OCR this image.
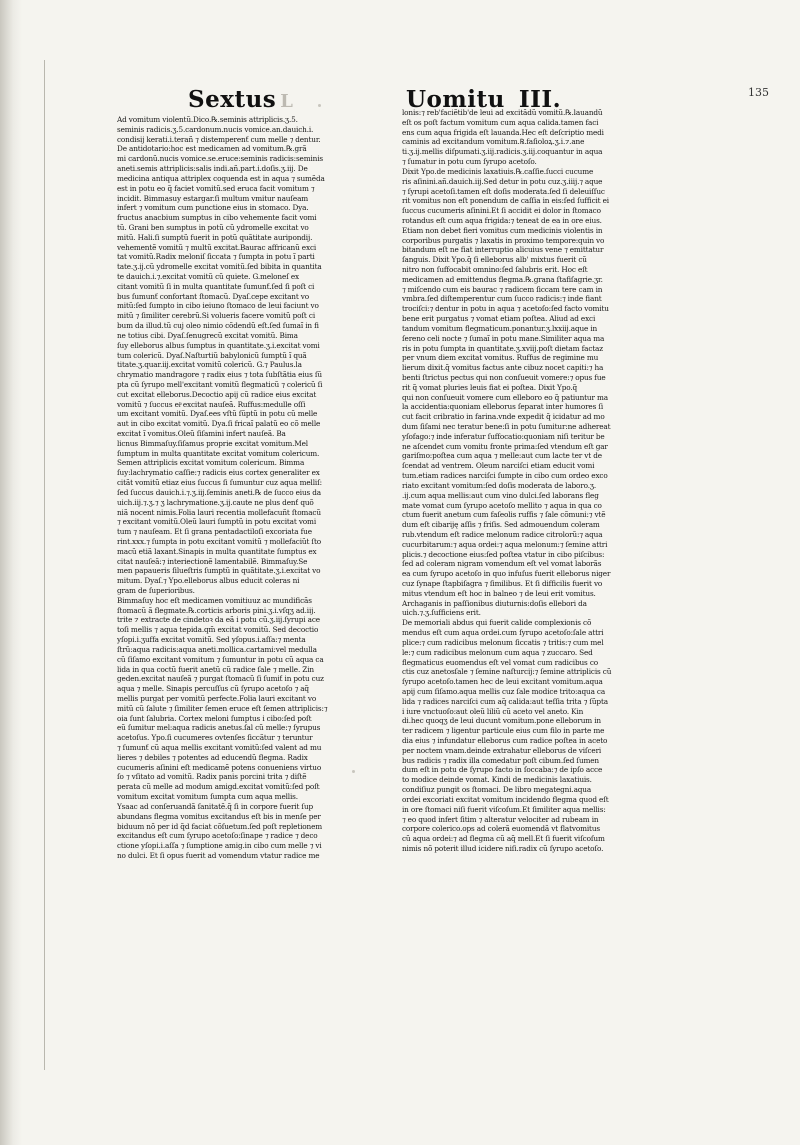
Sextus L	Uomitu III.	135
Ad vomitum violentũ.Dico.℞.seminis attriplicis.ʒ.5.
seminis radicis.ʒ.5.cardonum.nucis vomice.an.dauich.i.
condisij kerati.i.terañ ⁊ distemperenť cum melle ⁊ dentur.
De antidotario:hoc est medicamen ad vomitum.℞.grã
mi cardonũ.nucis vomice.se.eruce:seminis radicis:seminis
aneti.semis attriplicis:salis indi.añ.part.i.doſis.ʒ.iij. De
medicina antiqua attriplex coquenda est in aqua ⁊ sumẽda
est in potu eo q̃ faciet vomitũ.sed eruca facit vomitum ⁊
incidit. Bimmasuy estargar.ſi multum vmitur nauſeam
infert ⁊ vomitum cum punctione eius in stomaco. Dya.
fructus anacbium sumptus in cibo vehemente facit vomi
tũ. Grani ben sumptus in potũ cũ ydromelle excitat vo
mitũ. Hali.ſi sumptũ fuerit in potũ quãtitate auripondij.
vehementẽ vomitũ ⁊ multũ excitat.Baurac affricanũ exci
tat vomitũ.Radix meloniſ ſiccata ⁊ ſumpta in potu ĩ parti
tate.ʒ.ij.cũ ydromelle excitat vomitũ.ſed bibita in quantita
te dauich.i.⁊.excitat vomitũ cũ quiete. G.meloneſ ex
citant vomitũ ſi in multa quantitate ſumunť.ſed ſi poſt ci
bus ſumunť confortant ſtomacũ. Dyaſ.cepe excitant vo
mitũ:ſed ſumpto in cibo ieiuno ſtomaco de leui faciunt vo
mitũ ⁊ ſimiliter cerebrũ.Si volueris facere vomitũ poſt ci
bum da illud.tũ cuj oleo nimio cõdendũ eſt.ſed ſumaĩ in fi
ne totius cibi. Dyaſ.ſenugrecũ excitat vomitũ. Bima
ſuy elleborus albus ſumptus in quantitate.ʒ.i.excitat vomi
tum colericũ. Dyaſ.Naſturtiũ babylonicũ ſumptũ ĩ quã
titate.ʒ.quar.iij.excitat vomitũ colericũ. G.⁊ Paulus.la
chrymatio mandragore ⁊ radix eius ⁊ tota ſubſtãtia eius ſũ
pta cũ ſyrupo mell'excitant vomitũ flegmaticũ ⁊ colericũ ſi
cut excitat elleborus.Decoctio apij cũ radice eius excitat
vomitũ ⁊ ſuccus eiͦ excitat nauſeã. Ruffus:medulle oſſi
um excitant vomitũ. Dyaſ.ees vſtũ ſũptũ in potu cũ melle
aut in cibo excitat vomitũ. Dya.ſi fricaĩ palatũ eo cõ melle
excitat ĩ vomitus.Oleũ ſiſamini infert nauſeã. Ba
licnus Bimmaſuy.ſiſamus proprie excitat vomitum.Mel
ſumptum in multa quantitate excitat vomitum colericum.
Semen attriplicis excitat vomitum colericum. Bimma
ſuy:lachrymatio caſſie:⁊ radicis eius cortex generaliter ex
citãt vomitũ etiaz eius ſuccus ſi ſumuntur cuz aqua melliſ:
ſed ſuccus dauich.i.⁊.ʒ.iij.ſeminis aneti.℞ de ſucco eius da
uich.iij.⁊.ʒ.⁊ ʒ lachrymatione.ʒ.ij.caute ne plus denť quõ
niã nocent nimis.Folia lauri recentia mollefacuñt ſtomacũ
⁊ excitant vomitũ.Oleũ lauri ſumptũ in potu excitat vomi
tum ⁊ nauſeam. Et ſi grana pentadactiloſi excoriata fue
rint.xxx.⁊ ſumpta in potu excitant vomitũ ⁊ mollefaciũt ſto
macũ etiã laxant.Sinapis in multa quantitate ſumptus ex
citat nauſeã:⁊ interiectionẽ lamentabilẽ. Bimmaſuy.Se
men papaueris ſilueſtris ſumptũ in quãtitate.ʒ.i.excitat vo
mitum. Dyaſ.⁊ Ypo.elleborus albus educit coleras ni
gram de ſuperioribus.
Bimmaſuy hoc eſt medicamen vomitiuuz ac mundificãs
ſtomacũ ã flegmate.℞.corticis arboris pini.ʒ.i.vſqʒ ad.iij.
trite ⁊ extracte de cindetoꝛ da eã i potu cũ.ʒ.iij.ſyrupi ace
toſi mellis ⁊ aqua tepida.qm̃ excitat vomitũ. Sed decoctio
yſopi.i.ʒuffa excitat vomitũ. Sed yſopus.i.aſſa:⁊ menta
ſtrũ:aqua radicis:aqua aneti.mollica.cartami:vel medulla
cũ ſiſamo excitant vomitum ⁊ ſumuntur in potu cũ aqua ca
lida in qua coctũ fuerit anetũ cũ radice ſale ⁊ melle. Zin
geden.excitat nauſeã ⁊ purgat ſtomacũ ſi ſumiť in potu cuz
aqua ⁊ melle. Sinapis percuſſus cũ ſyrupo acetoſo ⁊ aq̃
mellis purgat per vomitũ perfecte.Folia lauri excitant vo
mitũ cũ ſalute ⁊ ſimiliter ſemen eruce eſt ſemen attriplicis:⁊
oia ſunt ſalubria. Cortex meloni ſumptus i cibo:ſed poſt
eũ ſumitur mel:aqua radicis anetus.ſal cũ melle:⁊ ſyrupus
acetoſus. Ypo.ſi cucumeres ovtenſes ſiccãtur ⁊ teruntur
⁊ ſumunť cũ aqua mellis excitant vomitũ:ſed valent ad mu
lieres ⁊ debiles ⁊ potentes ad educendũ flegma. Radix
cucumeris aſinini eſt medicamẽ potens conueniens virtuo
ſo ⁊ vſitato ad vomitũ. Radix panis porcini trita ⁊ diſtẽ
perata cũ melle ad modum amigd.excitat vomitũ:ſed poſt
vomitum excitat vomitum ſumpta cum aqua mellis.
Ysaac ad conſeruandã ſanitatẽ.q̃ ſi in corpore fuerit ſup
abundans flegma vomitus excitandus eſt bis in menſe per
biduum nõ per id q̃d faciat cõſuetum.ſed poſt repletionem
excitandus eſt cum ſyrupo acetoſo:ſinape ⁊ radice ⁊ deco
ctione yſopi.i.aſſa ⁊ ſumptione amig.in cibo cum melle ⁊ vi
no dulci. Et ſi opus fuerit ad vomendum vtatur radice me
lonis:⁊ reb'faciẽtib'de leui ad excitãdũ vomitũ.℞.lauandũ
eſt os poſt factum vomitum cum aqua calida.tamen faci
ens cum aqua frigida eſt lauanda.Hec eſt deſcriptio medi
caminis ad excitandum vomitum.℞.faſioloꝝ.ʒ.i.⁊.ane
ti.ʒ.ij.mellis diſpumati.ʒ.iij.radicis.ʒ.iij.coquantur in aqua
⁊ ſumatur in potu cum ſyrupo acetoſo.
Dixit Ypo.de medicinis laxatiuis.℞.caſſie.ſucci cucume
ris aſinini.añ.dauich.iij.Sed detur in potu cuz.ʒ.iiij.⁊ aque
⁊ ſyrupi acetoſi.tamen eſt doſis moderata.ſed ſi deleuiſſuc
rit vomitus non eſt ponendum de caſſia in eis:ſed ſufficit ei
ſuccus cucumeris aſinini.Et ſi accidit ei dolor in ſtomaco
rotandus eſt cum aqua frigida:⁊ teneat de ea in ore eius.
Etiam non debet fieri vomitus cum medicinis violentis in
corporibus purgatis ⁊ laxatis in proximo tempore:quin vo
bitandum eſt ne fiat interruptio alicuius vene ⁊ emittatur
ſanguis. Dixit Ypo.q̃ ſi elleborus alb' mixtus fuerit cũ
nitro non ſuffocabit omnino:ſed ſalubris erit. Hoc eſt
medicamen ad emittendus flegma.℞.grana ſtafiſagrie.ʒr.
⁊ miſcendo cum eis baurac ⁊ radicem ſiccam tere cam in
vmbra.ſed diſtemperentur cum ſucco radicis:⁊ inde fiant
trociſci:⁊ dentur in potu in aqua ⁊ acetoſo:ſed facto vomitu
bene erit purgatus ⁊ vomat etiam poſtea. Aliud ad exci
tandum vomitum flegmaticum.ponantur.ʒ.lxxiij.aque in
ſereno celi nocte ⁊ ſumaĩ in potu mane.Similiter aqua ma
ris in potu ſumpta in quantitate.ʒ.xviij.poſt dietam factaz
per vnum diem excitat vomitus. Ruffus de regimine mu
lierum dixit.q̃ vomitus factus ante cibuz nocet capiti:⁊ ha
benti ſtrictus pectus qui non conſueuit vomere:⁊ opus fue
rit q̃ vomat pluries leuis fiat ei poſtea. Dixit Ypo.q̃
qui non conſueuit vomere cum elleboro eo q̃ patiuntur ma
la accidentia:quoniam elleborus ſeparat inter humores ſi
cut facit cribratio in farina.vnde expedit q̃ icidatur ad mo
dum ſiſami nec teratur bene:ſi in potu ſumitur:ne adhereat
yſofago:⁊ inde inferatur ſuffocatio:quoniam niſi teritur be
ne aſcendet cum vomitu fronte prima:ſed vtendum eſt gar
gariſmo:poſtea cum aqua ⁊ melle:aut cum lacte ter vt de
ſcendat ad ventrem. Oleum narciſci etiam educit vomi
tum.etiam radices narciſci ſumpte in cibo cum ordeo exco
riato excitant vomitum:ſed doſis moderata de laboro.ʒ.
.ij.cum aqua mellis:aut cum vino dulci.ſed laborans fleg
mate vomat cum ſyrupo acetoſo mellito ⁊ aqua in qua co
ctum fuerit anetum cum faſeolis ruffis ⁊ ſale cõmuni:⁊ vtẽ
dum eſt cibariję aſſis ⁊ friſis. Sed admouendum coleram
rub.vtendum eſt radice melonum radice citrolorũ:⁊ aqua
cucurbitarum:⁊ aqua ordei:⁊ aqua melonum:⁊ ſemine attri
plicis.⁊ decoctione eius:ſed poſtea vtatur in cibo piſcibus:
ſed ad coleram nigram vomendum eſt vel vomat laborãs
ea cum ſyrupo acetoſo in quo infuſus fuerit elleborus niger
cuz ſynape ſtapbiſagra ⁊ ſimilibus. Et ſi difficilis fuerit vo
mitus vtendum eſt hoc in balneo ⁊ de leui erit vomitus.
Archaganis in paſſionibus diuturnis:doſis ellebori da
uich.⁊.ʒ.ſufficiens erit.
De memoriali abdus qui fuerit calide complexionis cõ
mendus eſt cum aqua ordei.cum ſyrupo acetoſo:ſale attri
plice:⁊ cum radicibus melonum ſiccatis ⁊ tritis:⁊ cum mel
le:⁊ cum radicibus melonum cum aqua ⁊ zuccaro. Sed
flegmaticus euomendus eſt vel vomat cum radicibus co
ctis cuz anetosſale ⁊ ſemine naſturcij:⁊ ſemine attriplicis cũ
ſyrupo acetoſo.tamen hec de leui excitant vomitum.aqua
apij cum ſiſamo.aqua mellis cuz ſale modice trito:aqua ca
lida ⁊ radices narciſci cum aq̃ calida:aut teſſia trita ⁊ ſũpta
i iure vnctuoſo:aut oleũ liliũ cũ aceto vel aneto. Kin
di.hec quoqʒ de leui ducunt vomitum.pone elleborum in
ter radicem ⁊ ligentur particule eius cum filo in parte me
dia eius ⁊ infundatur elleborus cum radice poſtea in aceto
per noctem vnam.deinde extrahatur elleborus de viſceri
bus radicis ⁊ radix illa comedatur poſt cibum.ſed ſumen
dum eſt in potu de ſyrupo facto in ſoccaba:⁊ de ipſo acce
to modice deinde vomat. Kindi de medicinis laxatiuis.
condiſiuz pungit os ſtomaci. De libro megategni.aqua
ordei excoriati excitat vomitum incidendo flegma quod eſt
in ore ſtomaci niſi fuerit viſcoſum.Et ſimiliter aqua mellis:
⁊ eo quod infert ſitim ⁊ alteratur velociter ad rubeam in
corpore colerico.ops ad colerã euomendã vt flatvomitus
cũ aqua ordei:⁊ ad flegma cũ aq̃ mell.Et ſi fuerit viſcoſum
nimis nõ poterit illud icidere niſi.radix cũ ſyrupo acetoſo.
